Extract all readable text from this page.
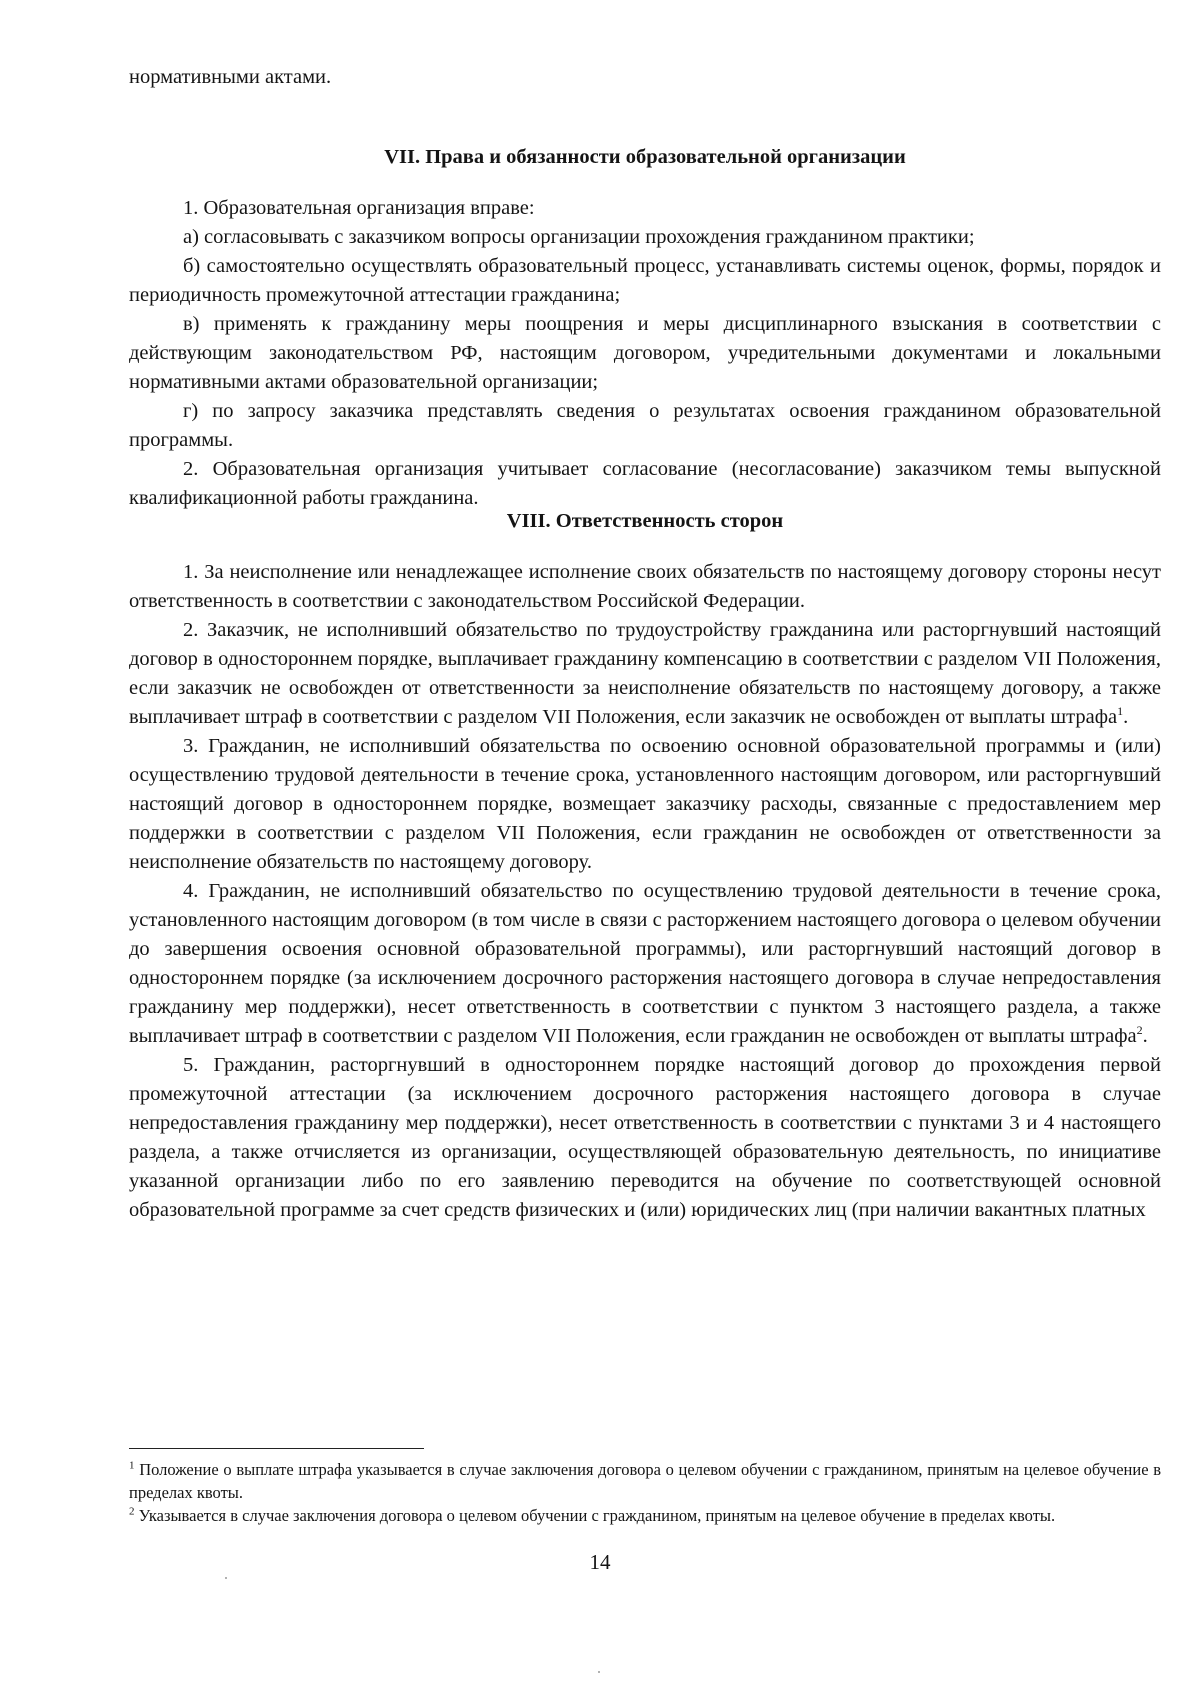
нормативными актами.

VII. Права и обязанности образовательной организации

1. Образовательная организация вправе:

а) согласовывать с заказчиком вопросы организации прохождения гражданином практики;

б) самостоятельно осуществлять образовательный процесс, устанавливать системы оценок, формы, порядок и периодичность промежуточной аттестации гражданина;

в) применять к гражданину меры поощрения и меры дисциплинарного взыскания в соответствии с действующим законодательством РФ, настоящим договором, учредительными документами и локальными нормативными актами образовательной организации;

г) по запросу заказчика представлять сведения о результатах освоения гражданином образовательной программы.

2. Образовательная организация учитывает согласование (несогласование) заказчиком темы выпускной квалификационной работы гражданина.

VIII. Ответственность сторон

1. За неисполнение или ненадлежащее исполнение своих обязательств по настоящему договору стороны несут ответственность в соответствии с законодательством Российской Федерации.

2. Заказчик, не исполнивший обязательство по трудоустройству гражданина или расторгнувший настоящий договор в одностороннем порядке, выплачивает гражданину компенсацию в соответствии с разделом VII Положения, если заказчик не освобожден от ответственности за неисполнение обязательств по настоящему договору, а также выплачивает штраф в соответствии с разделом VII Положения, если заказчик не освобожден от выплаты штрафа$^1$.

3. Гражданин, не исполнивший обязательства по освоению основной образовательной программы и (или) осуществлению трудовой деятельности в течение срока, установленного настоящим договором, или расторгнувший настоящий договор в одностороннем порядке, возмещает заказчику расходы, связанные с предоставлением мер поддержки в соответствии с разделом VII Положения, если гражданин не освобожден от ответственности за неисполнение обязательств по настоящему договору.

4. Гражданин, не исполнивший обязательство по осуществлению трудовой деятельности в течение срока, установленного настоящим договором (в том числе в связи с расторжением настоящего договора о целевом обучении до завершения освоения основной образовательной программы), или расторгнувший настоящий договор в одностороннем порядке (за исключением досрочного расторжения настоящего договора в случае непредоставления гражданину мер поддержки), несет ответственность в соответствии с пунктом 3 настоящего раздела, а также выплачивает штраф в соответствии с разделом VII Положения, если гражданин не освобожден от выплаты штрафа$^2$.

5. Гражданин, расторгнувший в одностороннем порядке настоящий договор до прохождения первой промежуточной аттестации (за исключением досрочного расторжения настоящего договора в случае непредоставления гражданину мер поддержки), несет ответственность в соответствии с пунктами 3 и 4 настоящего раздела, а также отчисляется из организации, осуществляющей образовательную деятельность, по инициативе указанной организации либо по его заявлению переводится на обучение по соответствующей основной образовательной программе за счет средств физических и (или) юридических лиц (при наличии вакантных платных

$^1$ Положение о выплате штрафа указывается в случае заключения договора о целевом обучении с гражданином, принятым на целевое обучение в пределах квоты.

$^2$ Указывается в случае заключения договора о целевом обучении с гражданином, принятым на целевое обучение в пределах квоты.

14
